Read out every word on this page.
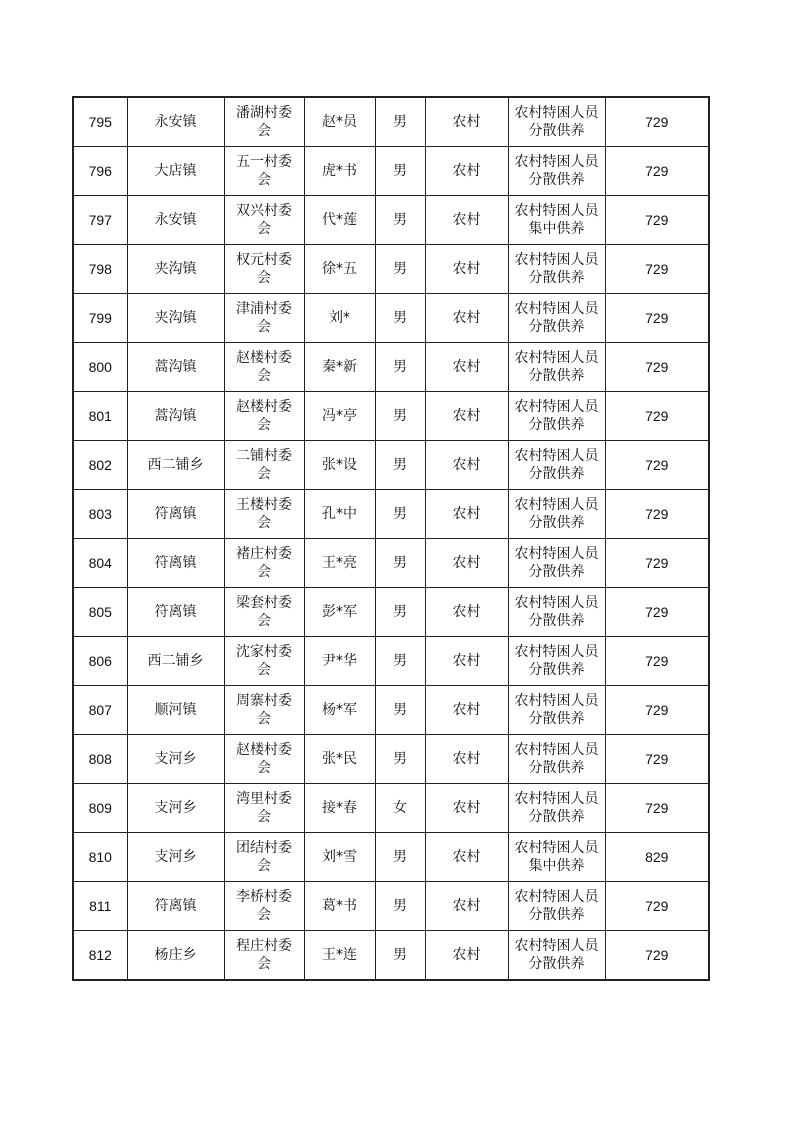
795	永安镇	潘湖村委会	赵*员	男	农村	农村特困人员分散供养	729
796	大店镇	五一村委会	虎*书	男	农村	农村特困人员分散供养	729
797	永安镇	双兴村委会	代*莲	男	农村	农村特困人员集中供养	729
798	夹沟镇	权元村委会	徐*五	男	农村	农村特困人员分散供养	729
799	夹沟镇	津浦村委会	刘*	男	农村	农村特困人员分散供养	729
800	蒿沟镇	赵楼村委会	秦*新	男	农村	农村特困人员分散供养	729
801	蒿沟镇	赵楼村委会	冯*亭	男	农村	农村特困人员分散供养	729
802	西二铺乡	二铺村委会	张*设	男	农村	农村特困人员分散供养	729
803	符离镇	王楼村委会	孔*中	男	农村	农村特困人员分散供养	729
804	符离镇	褚庄村委会	王*亮	男	农村	农村特困人员分散供养	729
805	符离镇	梁套村委会	彭*军	男	农村	农村特困人员分散供养	729
806	西二铺乡	沈家村委会	尹*华	男	农村	农村特困人员分散供养	729
807	顺河镇	周寨村委会	杨*军	男	农村	农村特困人员分散供养	729
808	支河乡	赵楼村委会	张*民	男	农村	农村特困人员分散供养	729
809	支河乡	湾里村委会	接*春	女	农村	农村特困人员分散供养	729
810	支河乡	团结村委会	刘*雪	男	农村	农村特困人员集中供养	829
811	符离镇	李桥村委会	葛*书	男	农村	农村特困人员分散供养	729
812	杨庄乡	程庄村委会	王*连	男	农村	农村特困人员分散供养	729
